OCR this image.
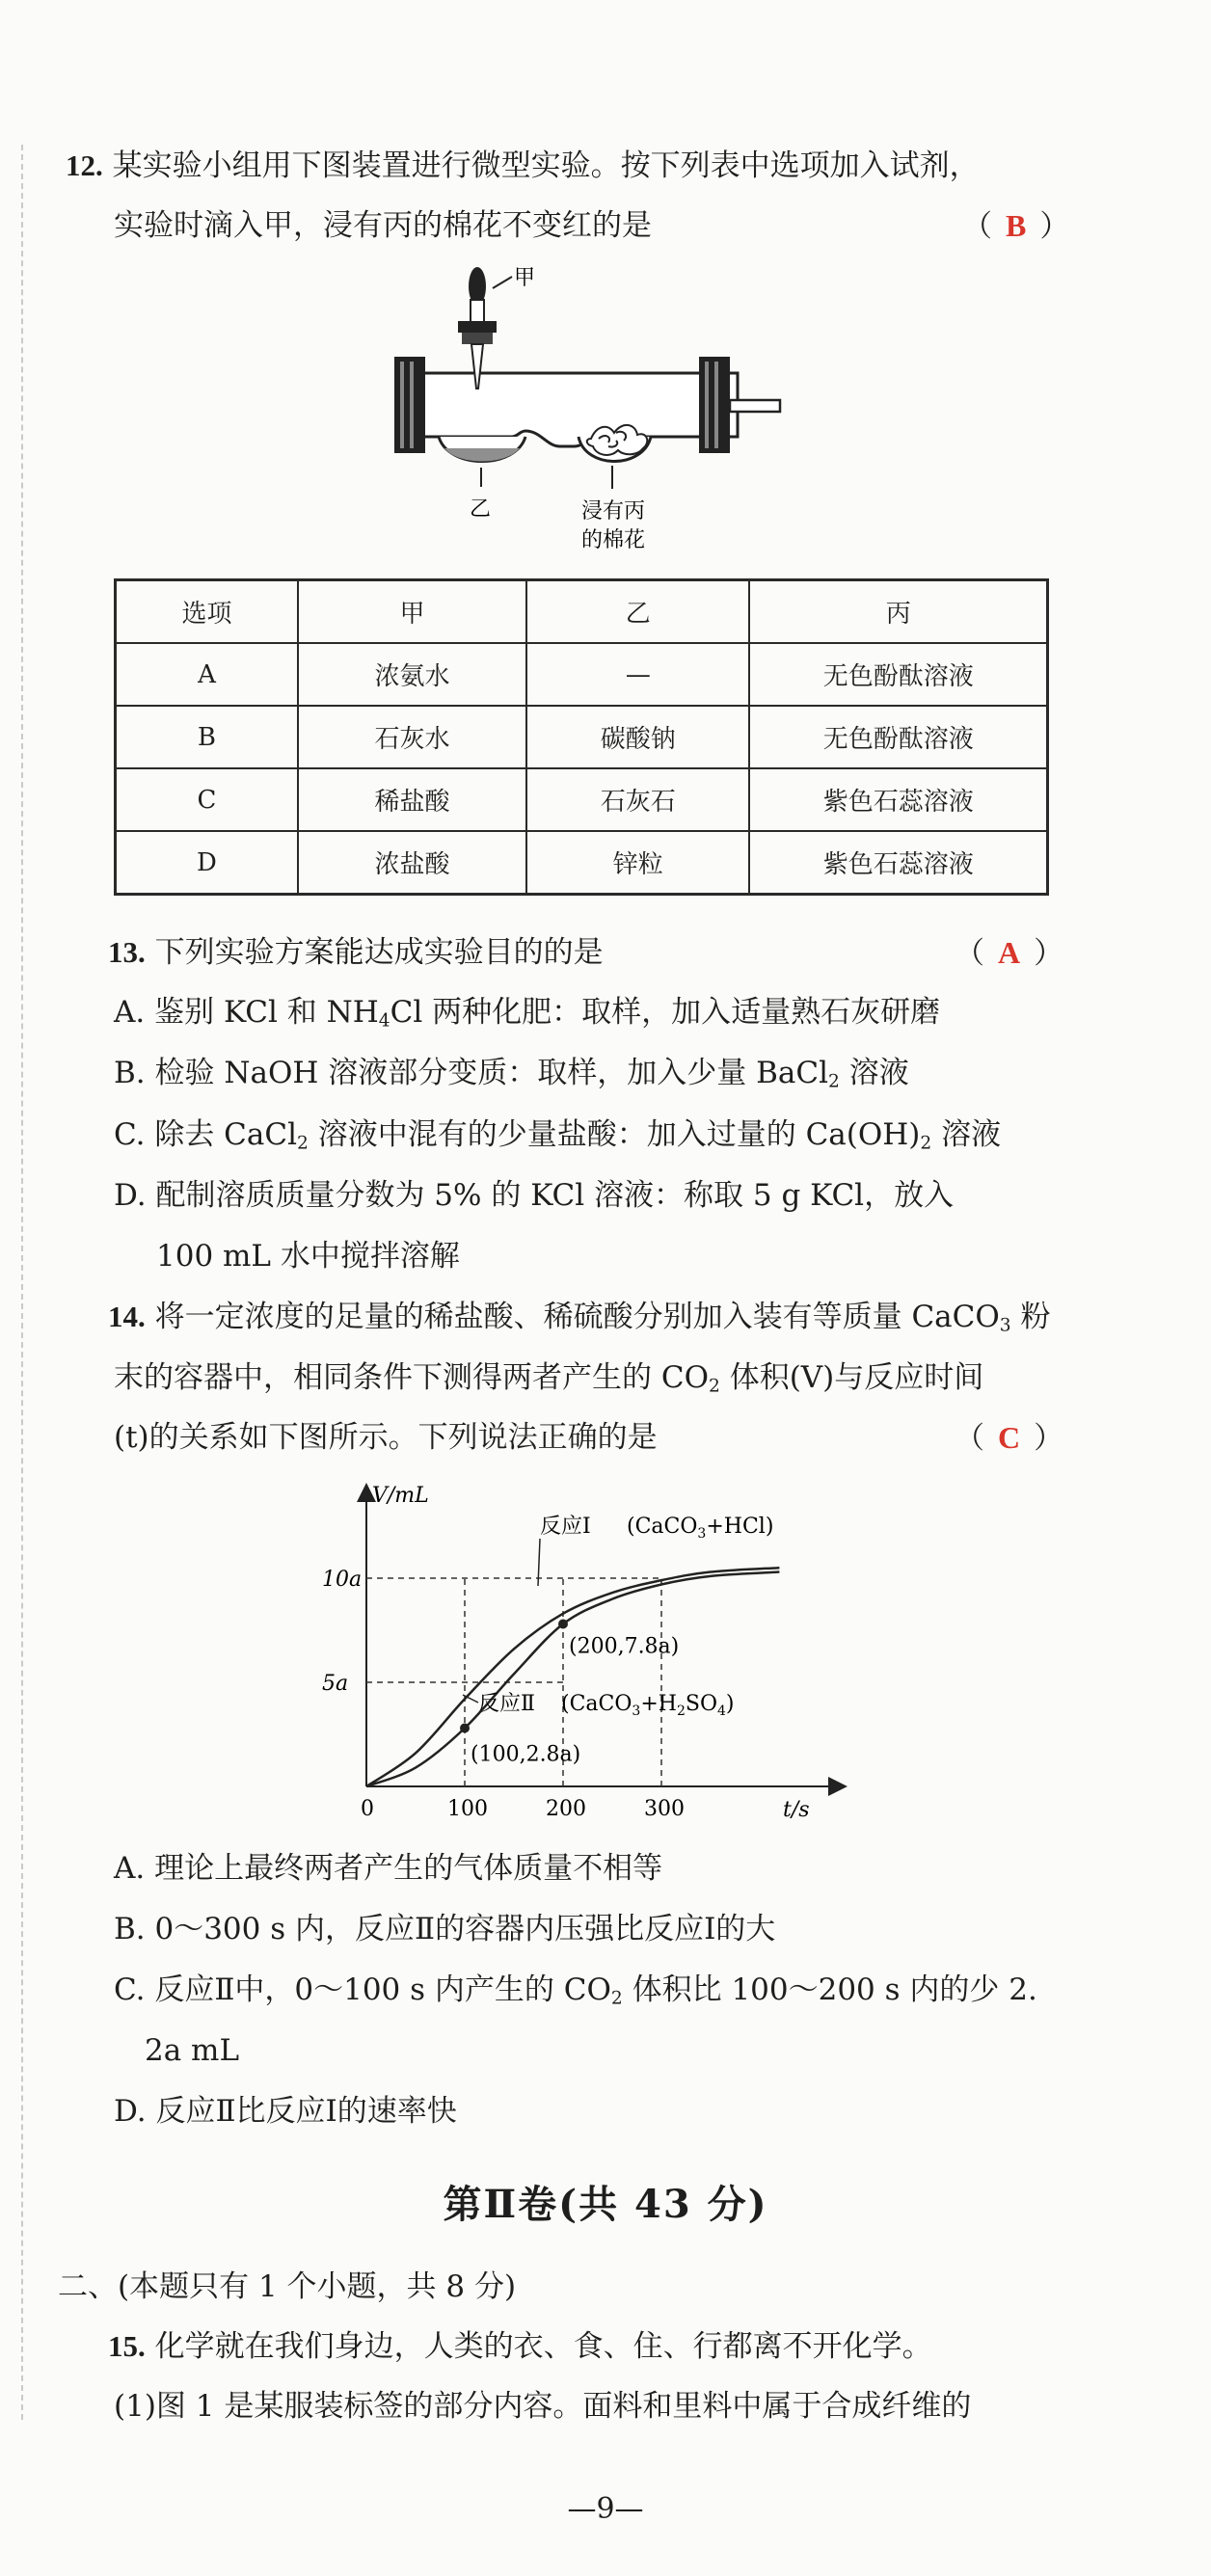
12. 某实验小组用下图装置进行微型实验。按下列表中选项加入试剂，
实验时滴入甲，浸有丙的棉花不变红的是	（ B ）
甲
乙	浸有丙
的棉花
选项	甲	乙	丙
A	浓氨水	—	无色酚酞溶液
B	石灰水	碳酸钠	无色酚酞溶液
C	稀盐酸	石灰石	紫色石蕊溶液
D	浓盐酸	锌粒	紫色石蕊溶液
13. 下列实验方案能达成实验目的的是	（ A ）
A. 鉴别 KCl 和 $NH_4Cl$ 两种化肥：取样，加入适量熟石灰研磨
B. 检验 NaOH 溶液部分变质：取样，加入少量 BaCl$_2$ 溶液
C. 除去 CaCl$_2$ 溶液中混有的少量盐酸：加入过量的 $Ca(OH)_2$ 溶液
D. 配制溶质质量分数为 5% 的 KCl 溶液：称取 5 g KCl，放入
100 mL 水中搅拌溶解
14. 将一定浓度的足量的稀盐酸、稀硫酸分别加入装有等质量 CaCO$_3$ 粉
末的容器中，相同条件下测得两者产生的 $CO_2$ 体积(V)与反应时间
(t)的关系如下图所示。下列说法正确的是	（ C ）
V/mL
t/s
0	100	200	300
5a
10a
(200,7.8a)
(100,2.8a)
反应Ⅰ (CaCO$_3$+HCl)
反应Ⅱ $(CaCO_3+H_2SO_4)$
A. 理论上最终两者产生的气体质量不相等
B. 0～300 s 内，反应Ⅱ的容器内压强比反应Ⅰ的大
C. 反应Ⅱ中，0～100 s 内产生的 $CO_2$ 体积比 100～200 s 内的少 2.
2a mL
D. 反应Ⅱ比反应Ⅰ的速率快
第Ⅱ卷(共 43 分)
二、(本题只有 1 个小题，共 8 分)
15. 化学就在我们身边，人类的衣、食、住、行都离不开化学。
(1)图 1 是某服装标签的部分内容。面料和里料中属于合成纤维的
—9—
